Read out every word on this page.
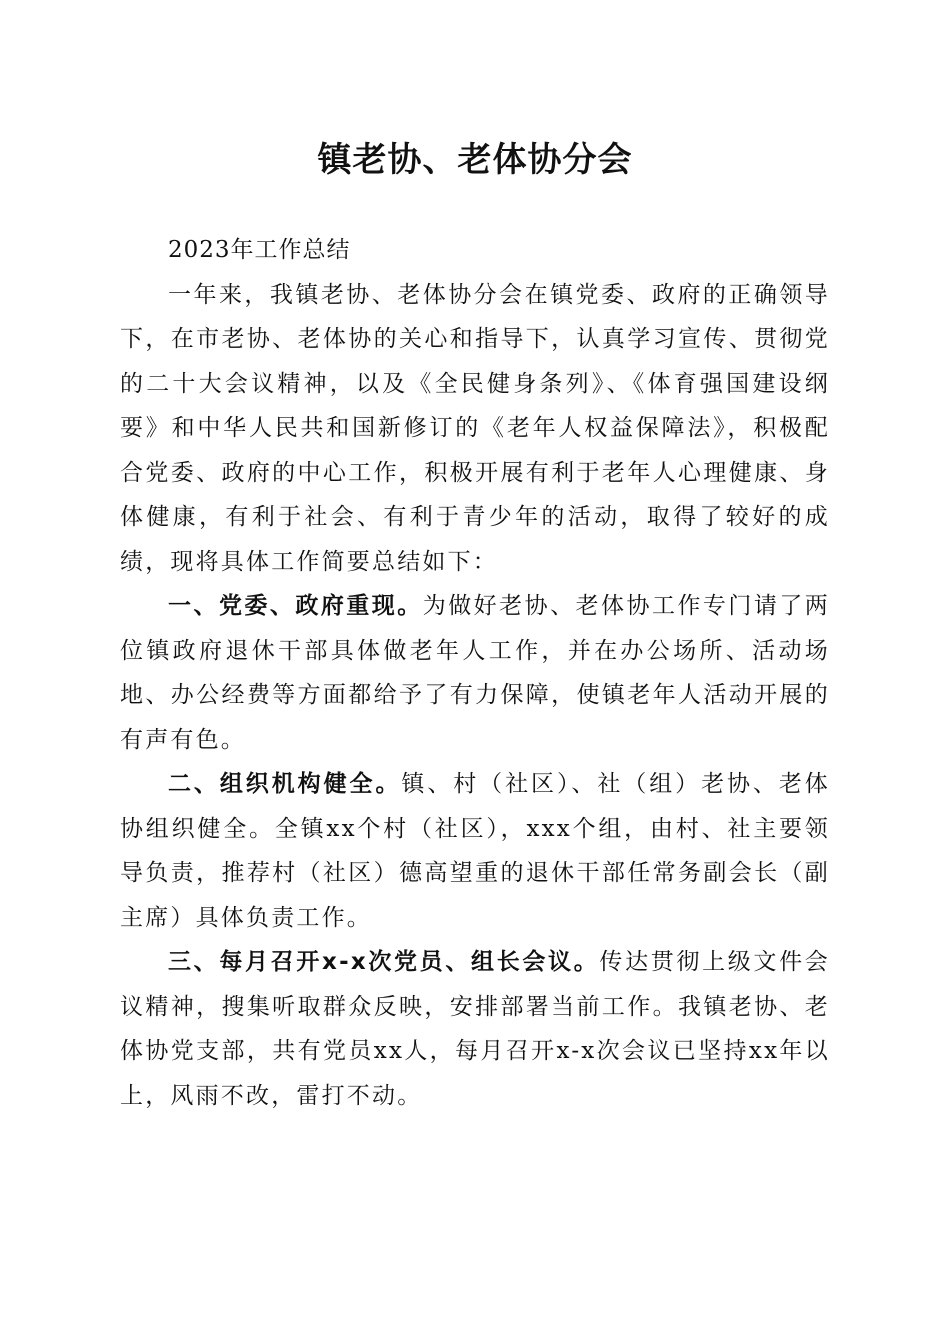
镇老协、老体协分会

2023年工作总结

一年来，我镇老协、老体协分会在镇党委、政府的正确领导下，在市老协、老体协的关心和指导下，认真学习宣传、贯彻党的二十大会议精神，以及《全民健身条列》、《体育强国建设纲要》和中华人民共和国新修订的《老年人权益保障法》，积极配合党委、政府的中心工作，积极开展有利于老年人心理健康、身体健康，有利于社会、有利于青少年的活动，取得了较好的成绩，现将具体工作简要总结如下：

一、党委、政府重现。为做好老协、老体协工作专门请了两位镇政府退休干部具体做老年人工作，并在办公场所、活动场地、办公经费等方面都给予了有力保障，使镇老年人活动开展的有声有色。

二、组织机构健全。镇、村（社区）、社（组）老协、老体协组织健全。全镇xx个村（社区），xxx个组，由村、社主要领导负责，推荐村（社区）德高望重的退休干部任常务副会长（副主席）具体负责工作。

三、每月召开x-x次党员、组长会议。传达贯彻上级文件会议精神，搜集听取群众反映，安排部署当前工作。我镇老协、老体协党支部，共有党员xx人，每月召开x-x次会议已坚持xx年以上，风雨不改，雷打不动。
